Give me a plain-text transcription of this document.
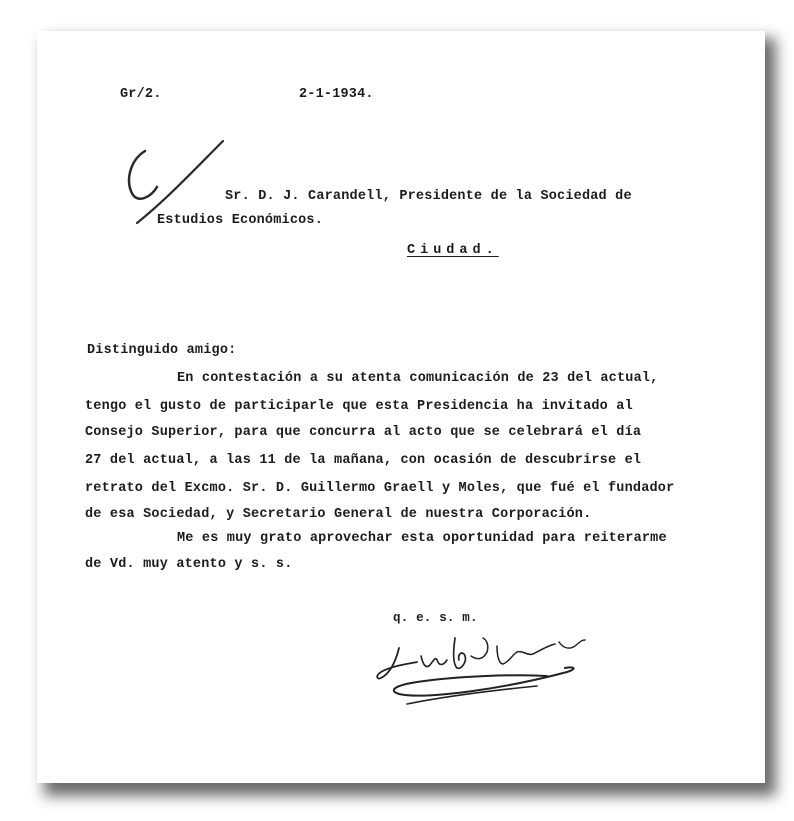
Gr/2.	2-1-1934.
Sr. D. J. Carandell, Presidente de la Sociedad de
Estudios Económicos.
Ciudad.
Distinguido amigo:
En contestación a su atenta comunicación de 23 del actual,
tengo el gusto de participarle que esta Presidencia ha invitado al
Consejo Superior, para que concurra al acto que se celebrará el día
27 del actual, a las 11 de la mañana, con ocasión de descubrirse el
retrato del Excmo. Sr. D. Guillermo Graell y Moles, que fué el fundador
de esa Sociedad, y Secretario General de nuestra Corporación.
Me es muy grato aprovechar esta oportunidad para reiterarme
de Vd. muy atento y s. s.
q. e. s. m.
